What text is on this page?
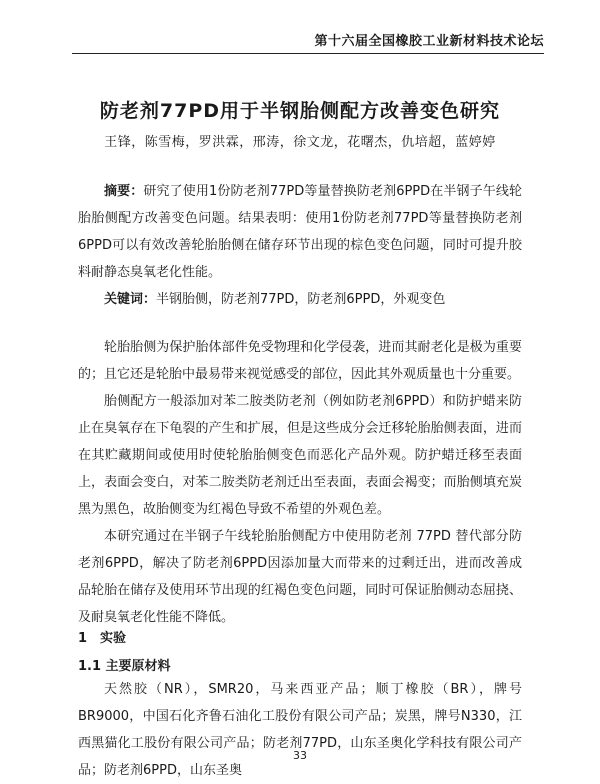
第十六届全国橡胶工业新材料技术论坛
防老剂77PD用于半钢胎侧配方改善变色研究
王锋，陈雪梅，罗洪霖，邢涛，徐文龙，花曙杰，仇培超，蓝婷婷

摘要：研究了使用1份防老剂77PD等量替换防老剂6PPD在半钢子午线轮胎胎侧配方改善变色问题。结果表明：使用1份防老剂77PD等量替换防老剂6PPD可以有效改善轮胎胎侧在储存环节出现的棕色变色问题，同时可提升胶料耐静态臭氧老化性能。

关键词：半钢胎侧，防老剂77PD，防老剂6PPD，外观变色

轮胎胎侧为保护胎体部件免受物理和化学侵袭，进而其耐老化是极为重要的；且它还是轮胎中最易带来视觉感受的部位，因此其外观质量也十分重要。

胎侧配方一般添加对苯二胺类防老剂（例如防老剂6PPD）和防护蜡来防止在臭氧存在下龟裂的产生和扩展，但是这些成分会迁移轮胎胎侧表面，进而在其贮藏期间或使用时使轮胎胎侧变色而恶化产品外观。防护蜡迁移至表面上，表面会变白，对苯二胺类防老剂迁出至表面，表面会褐变；而胎侧填充炭黑为黑色，故胎侧变为红褐色导致不希望的外观色差。

本研究通过在半钢子午线轮胎胎侧配方中使用防老剂 77PD 替代部分防老剂6PPD，解决了防老剂6PPD因添加量大而带来的过剩迁出，进而改善成品轮胎在储存及使用环节出现的红褐色变色问题，同时可保证胎侧动态屈挠、及耐臭氧老化性能不降低。

1　实验
1.1 主要原材料

天然胶（NR），SMR20，马来西亚产品；顺丁橡胶（BR），牌号BR9000，中国石化齐鲁石油化工股份有限公司产品；炭黑，牌号N330，江西黑猫化工股份有限公司产品；防老剂77PD，山东圣奥化学科技有限公司产品；防老剂6PPD，山东圣奥

33
